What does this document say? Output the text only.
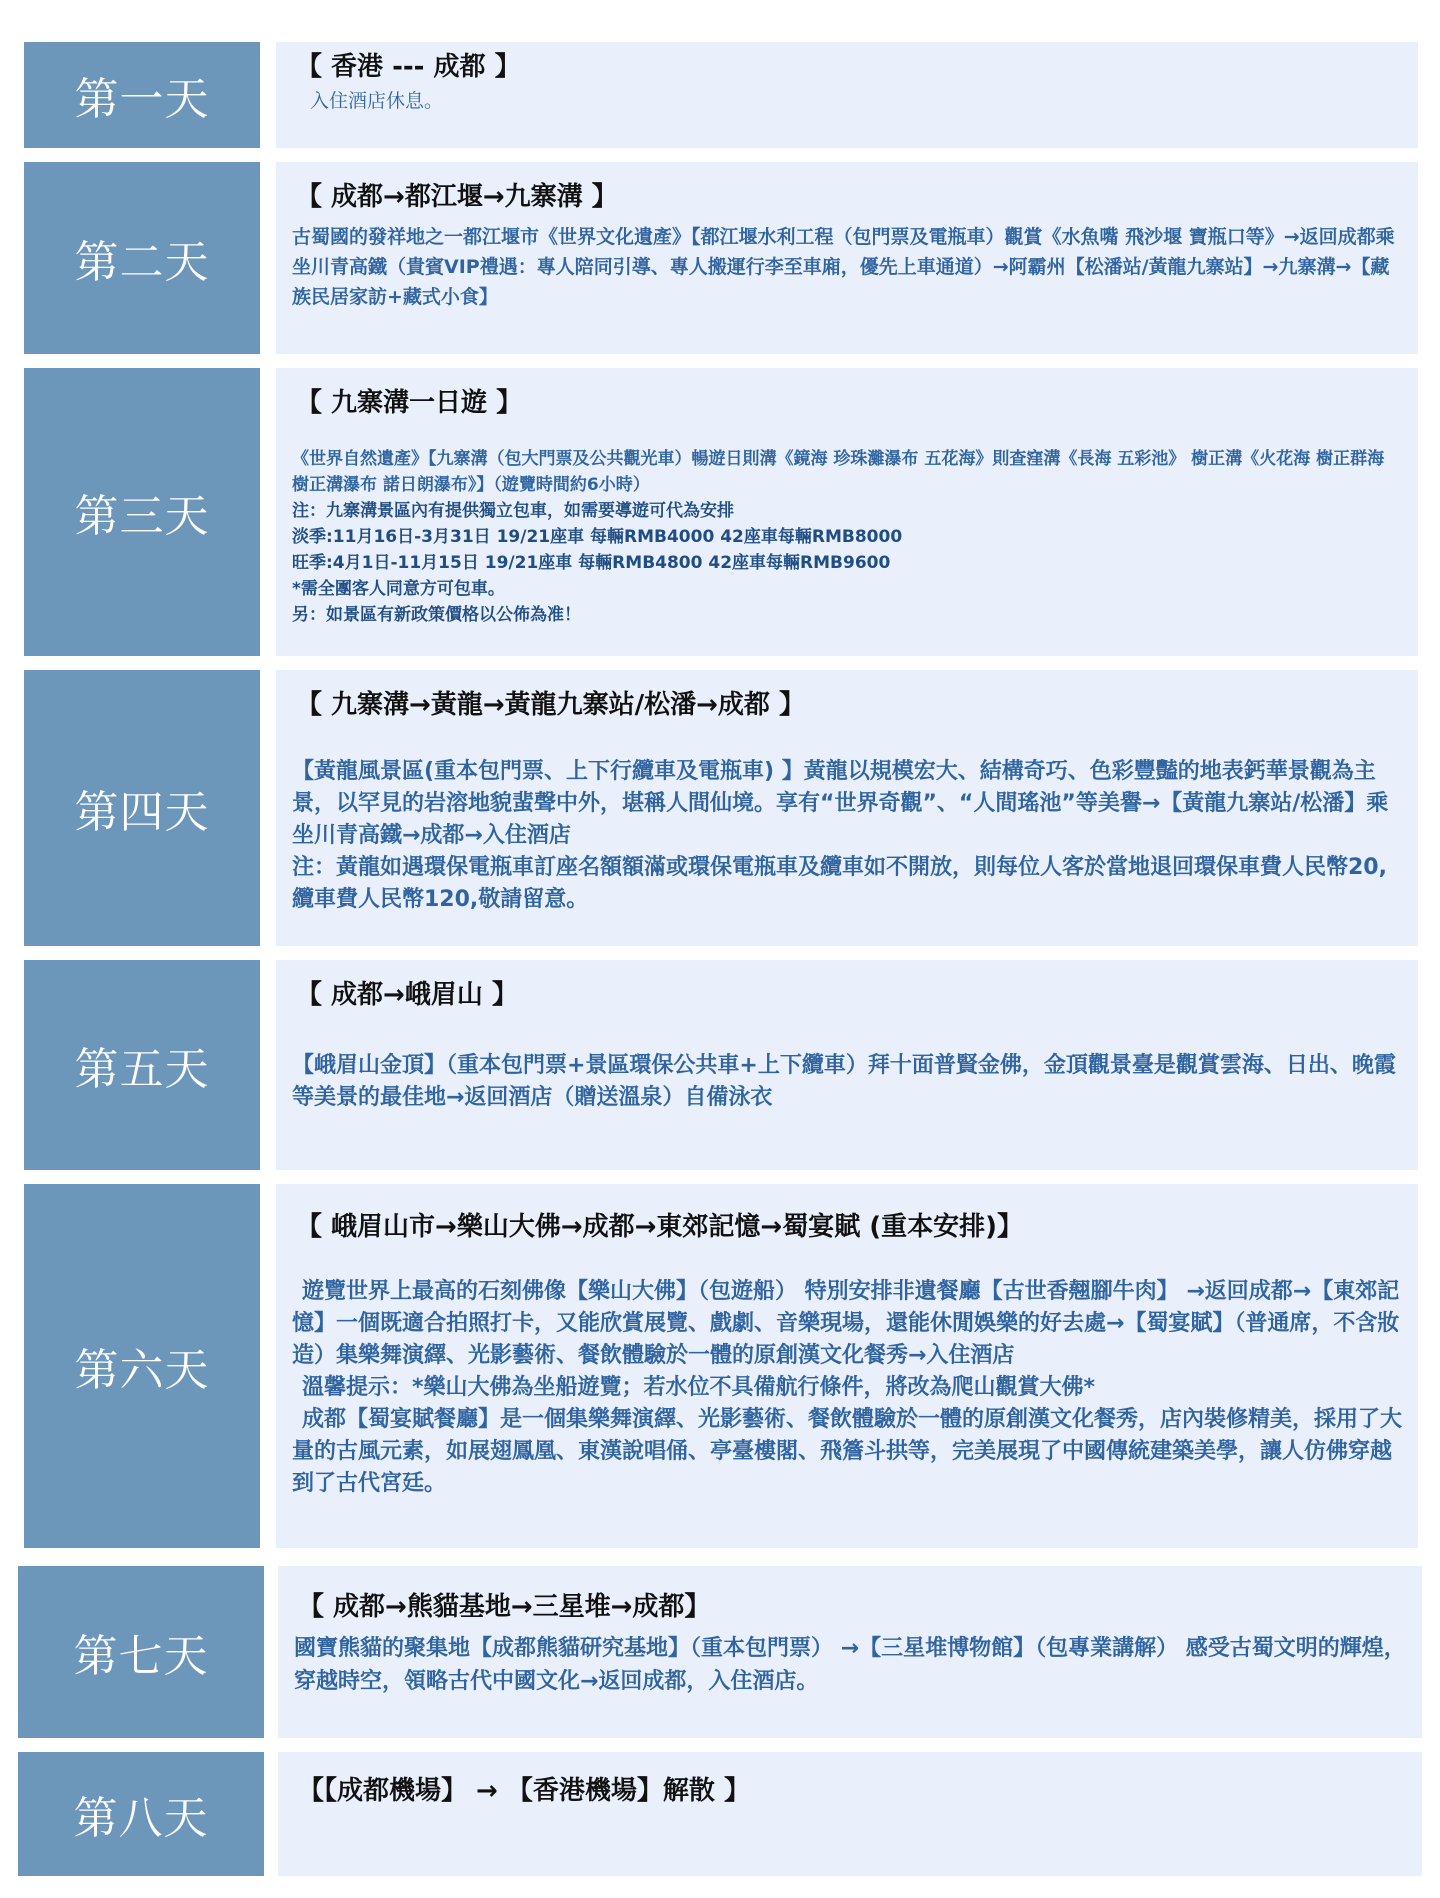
第一天
【 香港 --- 成都 】
入住酒店休息。
第二天
【 成都→都江堰→九寨溝 】
古蜀國的發祥地之一都江堰市《世界文化遺產》【都江堰水利工程（包門票及電瓶車）觀賞《水魚嘴 飛沙堰 寶瓶口等》→返回成都乘坐川青高鐵（貴賓VIP禮遇：專人陪同引導、專人搬運行李至車廂，優先上車通道）→阿霸州【松潘站/黃龍九寨站】→九寨溝→【藏族民居家訪+藏式小食】
第三天
【 九寨溝一日遊 】
《世界自然遺產》【九寨溝（包大門票及公共觀光車）暢遊日則溝《鏡海 珍珠灘瀑布 五花海》則查窪溝《長海 五彩池》 樹正溝《火花海 樹正群海 樹正溝瀑布 諾日朗瀑布》】（遊覽時間約6小時）
注：九寨溝景區內有提供獨立包車，如需要導遊可代為安排
淡季:11月16日-3月31日 19/21座車 每輛RMB4000 42座車每輛RMB8000
旺季:4月1日-11月15日 19/21座車 每輛RMB4800 42座車每輛RMB9600
*需全團客人同意方可包車。
另：如景區有新政策價格以公佈為准！
第四天
【 九寨溝→黃龍→黃龍九寨站/松潘→成都 】
【黃龍風景區(重本包門票、上下行纜車及電瓶車) 】黃龍以規模宏大、結構奇巧、色彩豐豔的地表鈣華景觀為主景，以罕見的岩溶地貌蜚聲中外，堪稱人間仙境。享有“世界奇觀”、“人間瑤池”等美譽→【黃龍九寨站/松潘】乘坐川青高鐵→成都→入住酒店
注：黃龍如遇環保電瓶車訂座名額額滿或環保電瓶車及纜車如不開放，則每位人客於當地退回環保車費人民幣20,纜車費人民幣120,敬請留意。
第五天
【 成都→峨眉山 】
【峨眉山金頂】（重本包門票+景區環保公共車+上下纜車）拜十面普賢金佛，金頂觀景臺是觀賞雲海、日出、晚霞等美景的最佳地→返回酒店（贈送溫泉）自備泳衣
第六天
【 峨眉山市→樂山大佛→成都→東郊記憶→蜀宴賦 (重本安排)】
遊覽世界上最高的石刻佛像【樂山大佛】（包遊船） 特別安排非遺餐廳【古世香翹腳牛肉】 →返回成都→【東郊記憶】一個既適合拍照打卡，又能欣賞展覽、戲劇、音樂現場，還能休閒娛樂的好去處→【蜀宴賦】（普通席，不含妝造）集樂舞演繹、光影藝術、餐飲體驗於一體的原創漢文化餐秀→入住酒店
溫馨提示：*樂山大佛為坐船遊覽；若水位不具備航行條件，將改為爬山觀賞大佛*
成都【蜀宴賦餐廳】是一個集樂舞演繹、光影藝術、餐飲體驗於一體的原創漢文化餐秀，店內裝修精美，採用了大量的古風元素，如展翅鳳凰、東漢說唱俑、亭臺樓閣、飛簷斗拱等，完美展現了中國傳統建築美學，讓人仿佛穿越到了古代宮廷。
第七天
【 成都→熊貓基地→三星堆→成都】
國寶熊貓的聚集地【成都熊貓研究基地】（重本包門票） →【三星堆博物館】（包專業講解） 感受古蜀文明的輝煌，穿越時空，領略古代中國文化→返回成都，入住酒店。
第八天
【【成都機場】 → 【香港機場】解散 】
